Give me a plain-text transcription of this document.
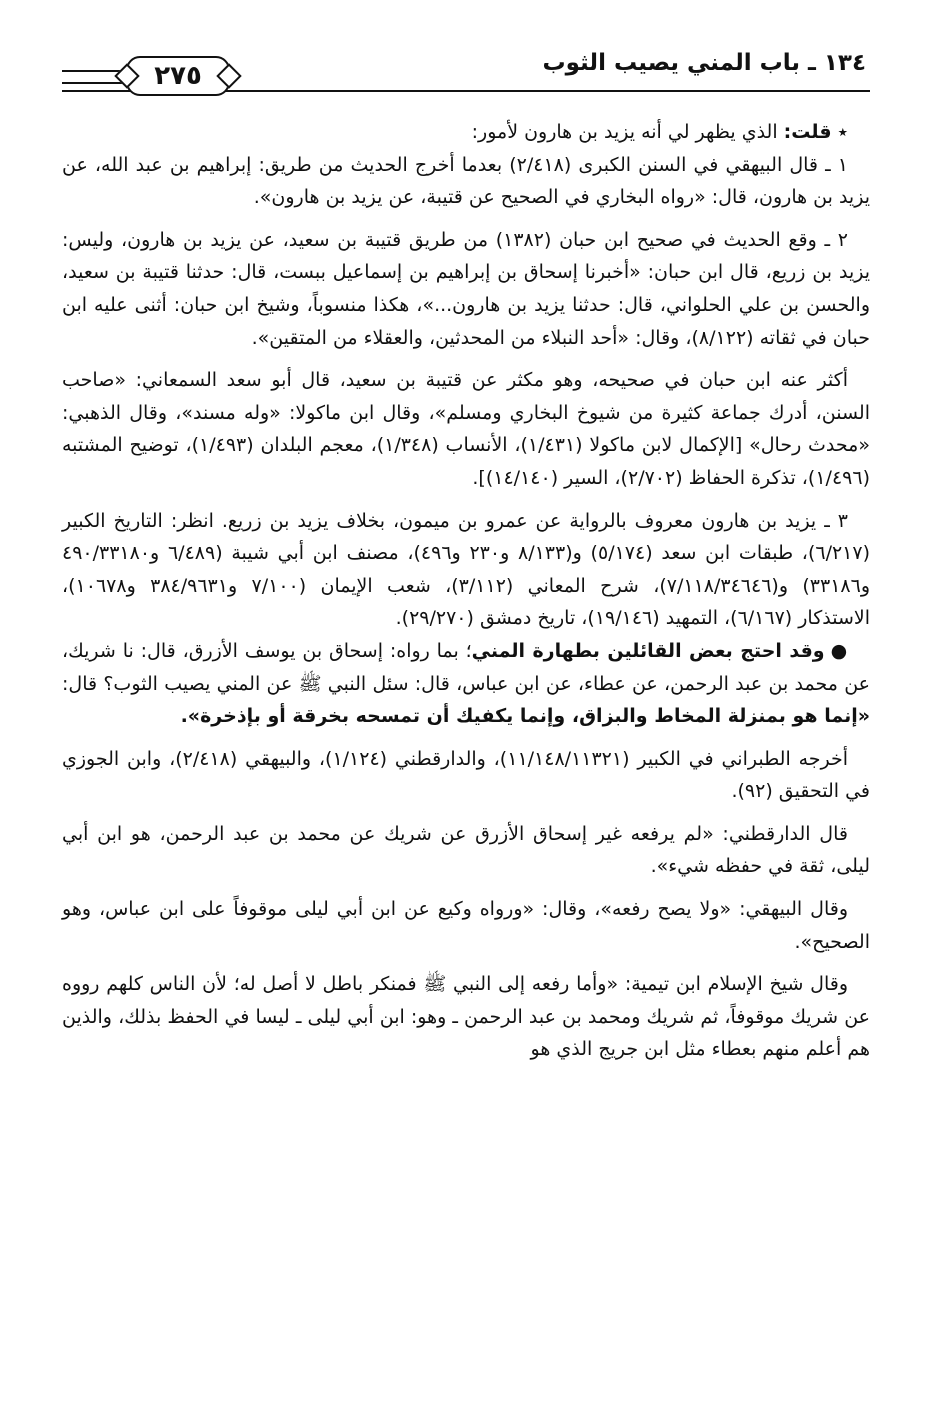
١٣٤ ـ باب المني يصيب الثوب
٢٧٥

٭ قلت: الذي يظهر لي أنه يزيد بن هارون لأمور:

١ ـ قال البيهقي في السنن الكبرى (٢/٤١٨) بعدما أخرج الحديث من طريق: إبراهيم بن عبد الله، عن يزيد بن هارون، قال: «رواه البخاري في الصحيح عن قتيبة، عن يزيد بن هارون».

٢ ـ وقع الحديث في صحيح ابن حبان (١٣٨٢) من طريق قتيبة بن سعيد، عن يزيد بن هارون، وليس: يزيد بن زريع، قال ابن حبان: «أخبرنا إسحاق بن إبراهيم بن إسماعيل ببست، قال: حدثنا قتيبة بن سعيد، والحسن بن علي الحلواني، قال: حدثنا يزيد بن هارون...»، هكذا منسوباً، وشيخ ابن حبان: أثنى عليه ابن حبان في ثقاته (٨/١٢٢)، وقال: «أحد النبلاء من المحدثين، والعقلاء من المتقين».

أكثر عنه ابن حبان في صحيحه، وهو مكثر عن قتيبة بن سعيد، قال أبو سعد السمعاني: «صاحب السنن، أدرك جماعة كثيرة من شيوخ البخاري ومسلم»، وقال ابن ماكولا: «وله مسند»، وقال الذهبي: «محدث رحال» [الإكمال لابن ماكولا (١/٤٣١)، الأنساب (١/٣٤٨)، معجم البلدان (١/٤٩٣)، توضيح المشتبه (١/٤٩٦)، تذكرة الحفاظ (٢/٧٠٢)، السير (١٤/١٤٠)].

٣ ـ يزيد بن هارون معروف بالرواية عن عمرو بن ميمون، بخلاف يزيد بن زريع. انظر: التاريخ الكبير (٦/٢١٧)، طبقات ابن سعد (٥/١٧٤) و(٨/١٣٣ و٢٣٠ و٤٩٦)، مصنف ابن أبي شيبة (٦/٤٨٩ و٤٩٠/٣٣١٨٠ و٣٣١٨٦) و(٧/١١٨/٣٤٦٤٦)، شرح المعاني (٣/١١٢)، شعب الإيمان (٧/١٠٠ و٣٨٤/٩٦٣١ و١٠٦٧٨)، الاستذكار (٦/١٦٧)، التمهيد (١٩/١٤٦)، تاريخ دمشق (٢٩/٢٧٠).

●وقد احتج بعض القائلين بطهارة المني؛ بما رواه: إسحاق بن يوسف الأزرق، قال: نا شريك، عن محمد بن عبد الرحمن، عن عطاء، عن ابن عباس، قال: سئل النبي ﷺ عن المني يصيب الثوب؟ قال: «إنما هو بمنزلة المخاط والبزاق، وإنما يكفيك أن تمسحه بخرقة أو بإذخرة».

أخرجه الطبراني في الكبير (١١/١٤٨/١١٣٢١)، والدارقطني (١/١٢٤)، والبيهقي (٢/٤١٨)، وابن الجوزي في التحقيق (٩٢).

قال الدارقطني: «لم يرفعه غير إسحاق الأزرق عن شريك عن محمد بن عبد الرحمن، هو ابن أبي ليلى، ثقة في حفظه شيء».

وقال البيهقي: «ولا يصح رفعه»، وقال: «ورواه وكيع عن ابن أبي ليلى موقوفاً على ابن عباس، وهو الصحيح».

وقال شيخ الإسلام ابن تيمية: «وأما رفعه إلى النبي ﷺ فمنكر باطل لا أصل له؛ لأن الناس كلهم رووه عن شريك موقوفاً، ثم شريك ومحمد بن عبد الرحمن ـ وهو: ابن أبي ليلى ـ ليسا في الحفظ بذلك، والذين هم أعلم منهم بعطاء مثل ابن جريج الذي هو
